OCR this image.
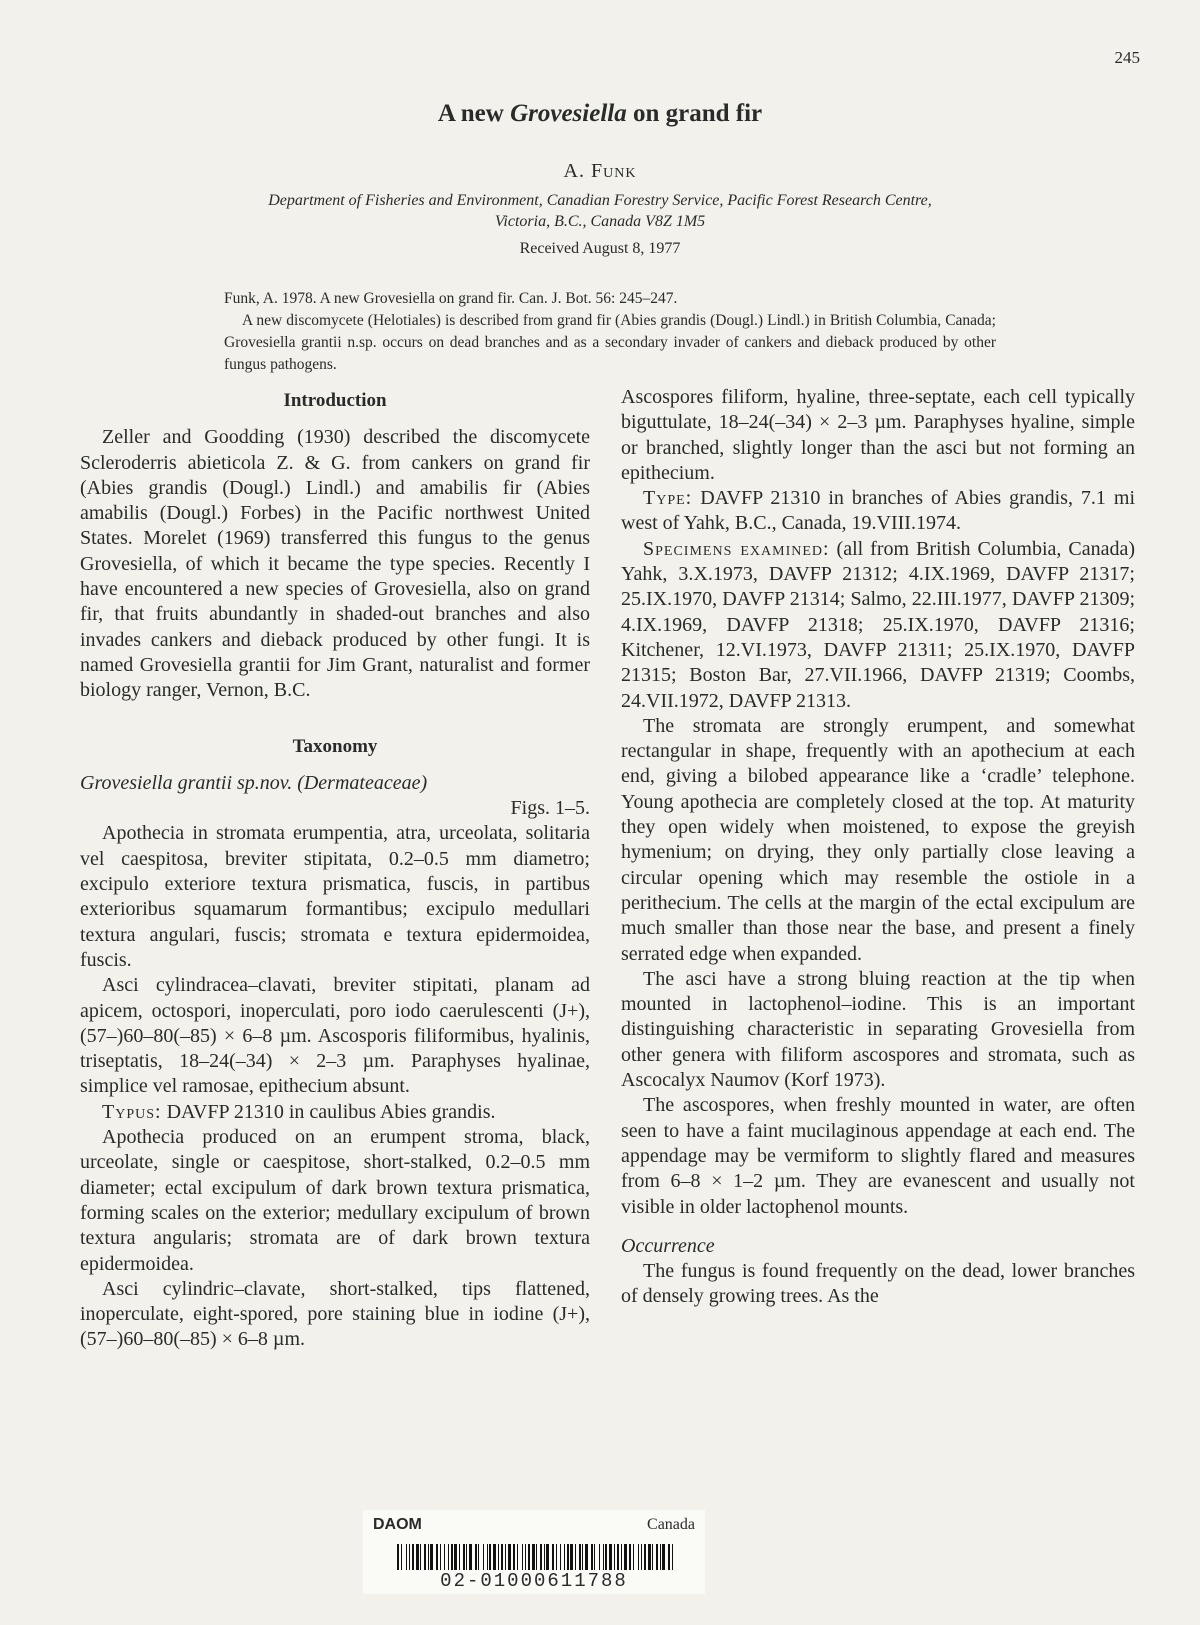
245
A new Grovesiella on grand fir
A. Funk
Department of Fisheries and Environment, Canadian Forestry Service, Pacific Forest Research Centre,
Victoria, B.C., Canada V8Z 1M5
Received August 8, 1977
Funk, A. 1978. A new Grovesiella on grand fir. Can. J. Bot. 56: 245–247.
A new discomycete (Helotiales) is described from grand fir (Abies grandis (Dougl.) Lindl.) in British Columbia, Canada; Grovesiella grantii n.sp. occurs on dead branches and as a secondary invader of cankers and dieback produced by other fungus pathogens.
Introduction

Zeller and Goodding (1930) described the discomycete Scleroderris abieticola Z. & G. from cankers on grand fir (Abies grandis (Dougl.) Lindl.) and amabilis fir (Abies amabilis (Dougl.) Forbes) in the Pacific northwest United States. Morelet (1969) transferred this fungus to the genus Grovesiella, of which it became the type species. Recently I have encountered a new species of Grovesiella, also on grand fir, that fruits abundantly in shaded-out branches and also invades cankers and dieback produced by other fungi. It is named Grovesiella grantii for Jim Grant, naturalist and former biology ranger, Vernon, B.C.

Taxonomy

Grovesiella grantii sp.nov. (Dermateaceae)

Figs. 1–5.

Apothecia in stromata erumpentia, atra, urceolata, solitaria vel caespitosa, breviter stipitata, 0.2–0.5 mm diametro; excipulo exteriore textura prismatica, fuscis, in partibus exterioribus squamarum formantibus; excipulo medullari textura angulari, fuscis; stromata e textura epidermoidea, fuscis.

Asci cylindracea–clavati, breviter stipitati, planam ad apicem, octospori, inoperculati, poro iodo caerulescenti (J+), (57–)60–80(–85) × 6–8 µm. Ascosporis filiformibus, hyalinis, triseptatis, 18–24(–34) × 2–3 µm. Paraphyses hyalinae, simplice vel ramosae, epithecium absunt.

Typus: DAVFP 21310 in caulibus Abies grandis.

Apothecia produced on an erumpent stroma, black, urceolate, single or caespitose, short-stalked, 0.2–0.5 mm diameter; ectal excipulum of dark brown textura prismatica, forming scales on the exterior; medullary excipulum of brown textura angularis; stromata are of dark brown textura epidermoidea.

Asci cylindric–clavate, short-stalked, tips flattened, inoperculate, eight-spored, pore staining blue in iodine (J+), (57–)60–80(–85) × 6–8 µm.

Ascospores filiform, hyaline, three-septate, each cell typically biguttulate, 18–24(–34) × 2–3 µm. Paraphyses hyaline, simple or branched, slightly longer than the asci but not forming an epithecium.

Type: DAVFP 21310 in branches of Abies grandis, 7.1 mi west of Yahk, B.C., Canada, 19.VIII.1974.

Specimens examined: (all from British Columbia, Canada) Yahk, 3.X.1973, DAVFP 21312; 4.IX.1969, DAVFP 21317; 25.IX.1970, DAVFP 21314; Salmo, 22.III.1977, DAVFP 21309; 4.IX.1969, DAVFP 21318; 25.IX.1970, DAVFP 21316; Kitchener, 12.VI.1973, DAVFP 21311; 25.IX.1970, DAVFP 21315; Boston Bar, 27.VII.1966, DAVFP 21319; Coombs, 24.VII.1972, DAVFP 21313.

The stromata are strongly erumpent, and somewhat rectangular in shape, frequently with an apothecium at each end, giving a bilobed appearance like a ‘cradle’ telephone. Young apothecia are completely closed at the top. At maturity they open widely when moistened, to expose the greyish hymenium; on drying, they only partially close leaving a circular opening which may resemble the ostiole in a perithecium. The cells at the margin of the ectal excipulum are much smaller than those near the base, and present a finely serrated edge when expanded.

The asci have a strong bluing reaction at the tip when mounted in lactophenol–iodine. This is an important distinguishing characteristic in separating Grovesiella from other genera with filiform ascospores and stromata, such as Ascocalyx Naumov (Korf 1973).

The ascospores, when freshly mounted in water, are often seen to have a faint mucilaginous appendage at each end. The appendage may be vermiform to slightly flared and measures from 6–8 × 1–2 µm. They are evanescent and usually not visible in older lactophenol mounts.

Occurrence

The fungus is found frequently on the dead, lower branches of densely growing trees. As the

DAOM	Canada
02-01000611788
